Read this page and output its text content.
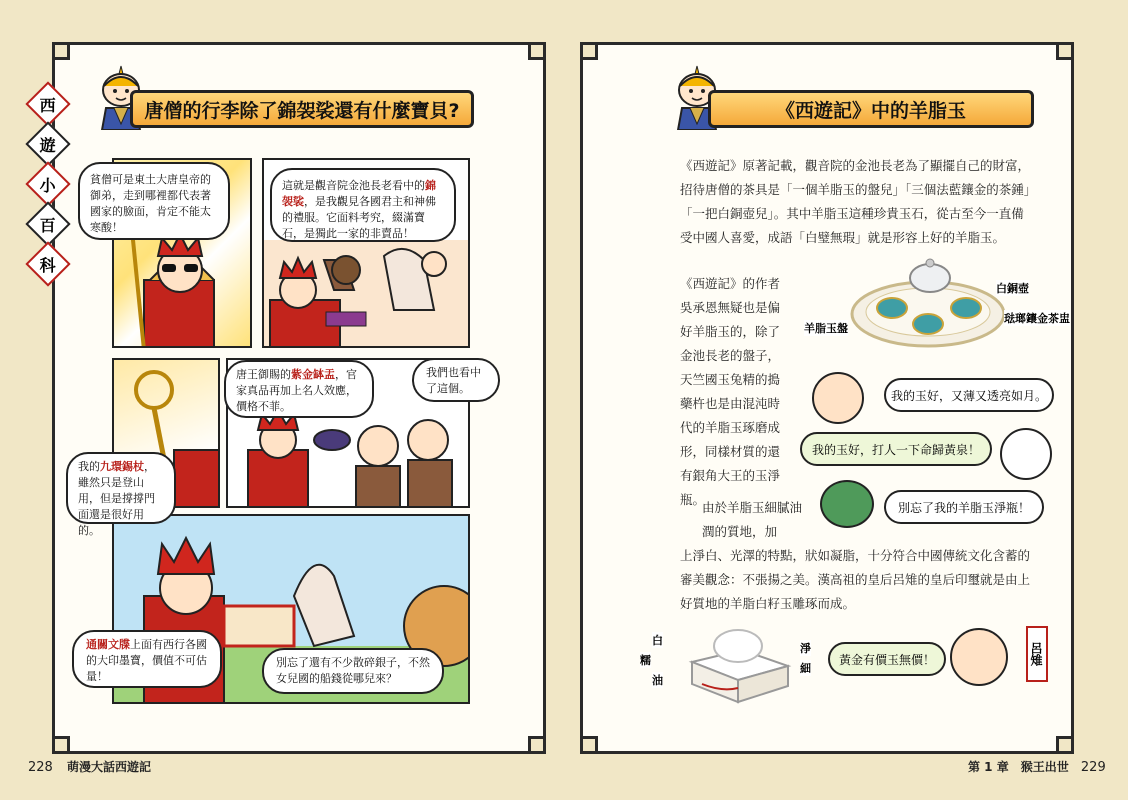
西
遊
小
百
科
唐僧的行李除了錦袈裟還有什麼寶貝?
貧僧可是東土大唐皇帝的御弟，走到哪裡都代表著國家的臉面，肯定不能太寒酸！
這就是觀音院金池長老看中的錦袈裟，是我觀見各國君主和神佛的禮服。它面料考究，綴滿寶石，是獨此一家的非賣品！
唐王御賜的紫金缽盂，官家真品再加上名人效應，價格不菲。
我們也看中了這個。
我的九環錫杖，雖然只是登山用，但是撐撐門面還是很好用的。
通關文牒上面有西行各國的大印墨寶，價值不可估量！
別忘了還有不少散碎銀子，不然女兒國的船錢從哪兒來？
《西遊記》中的羊脂玉
《西遊記》原著記載，觀音院的金池長老為了顯擺自己的財富，招待唐僧的茶具是「一個羊脂玉的盤兒」「三個法藍鑲金的茶鍾」「一把白銅壺兒」。其中羊脂玉這種珍貴玉石，從古至今一直備受中國人喜愛，成語「白璧無瑕」就是形容上好的羊脂玉。
《西遊記》的作者吳承恩無疑也是偏好羊脂玉的，除了金池長老的盤子，天竺國玉兔精的搗藥杵也是由混沌時代的羊脂玉琢磨成形，同樣材質的還有銀角大王的玉淨瓶。
由於羊脂玉細膩油潤的質地，加
上淨白、光澤的特點，狀如凝脂，十分符合中國傳統文化含蓄的審美觀念：不張揚之美。漢高祖的皇后呂雉的皇后印璽就是由上好質地的羊脂白籽玉雕琢而成。
白銅壺
羊脂玉盤
琺瑯鑲金茶盅
我的玉好，又薄又透亮如月。
我的玉好，打人一下命歸黃泉！
別忘了我的羊脂玉淨瓶！
白
糯
油
淨
細
黃金有價玉無價！	呂雉
228 萌漫大話西遊記	第 1 章　猴王出世 229
